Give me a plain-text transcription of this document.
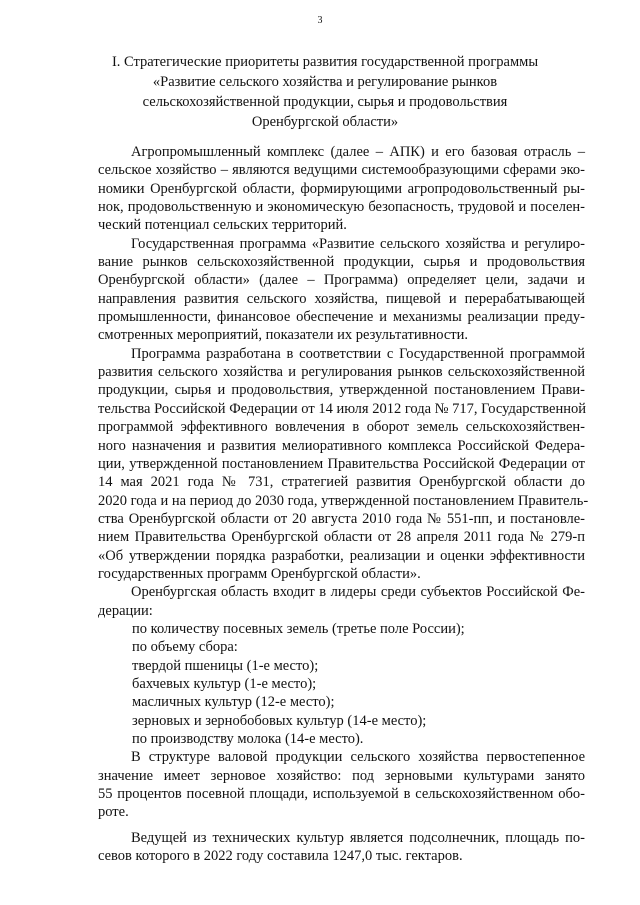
3
I. Стратегические приоритеты развития государственной программы
«Развитие сельского хозяйства и регулирование рынков
сельскохозяйственной продукции, сырья и продовольствия
Оренбургской области»
Агропромышленный комплекс (далее – АПК) и его базовая отрасль –
сельское хозяйство – являются ведущими системообразующими сферами эко-
номики Оренбургской области, формирующими агропродовольственный ры-
нок, продовольственную и экономическую безопасность, трудовой и поселен-
ческий потенциал сельских территорий.
Государственная программа «Развитие сельского хозяйства и регулиро-
вание рынков сельскохозяйственной продукции, сырья и продовольствия
Оренбургской области» (далее – Программа) определяет цели, задачи и
направления развития сельского хозяйства, пищевой и перерабатывающей
промышленности, финансовое обеспечение и механизмы реализации преду-
смотренных мероприятий, показатели их результативности.
Программа разработана в соответствии с Государственной программой
развития сельского хозяйства и регулирования рынков сельскохозяйственной
продукции, сырья и продовольствия, утвержденной постановлением Прави-
тельства Российской Федерации от 14 июля 2012 года № 717, Государственной
программой эффективного вовлечения в оборот земель сельскохозяйствен-
ного назначения и развития мелиоративного комплекса Российской Федера-
ции, утвержденной постановлением Правительства Российской Федерации от
14 мая 2021 года № 731, стратегией развития Оренбургской области до
2020 года и на период до 2030 года, утвержденной постановлением Правитель-
ства Оренбургской области от 20 августа 2010 года № 551-пп, и постановле-
нием Правительства Оренбургской области от 28 апреля 2011 года № 279-п
«Об утверждении порядка разработки, реализации и оценки эффективности
государственных программ Оренбургской области».
Оренбургская область входит в лидеры среди субъектов Российской Фе-
дерации:
по количеству посевных земель (третье поле России);
по объему сбора:
твердой пшеницы (1-е место);
бахчевых культур (1-е место);
масличных культур (12-е место);
зерновых и зернобобовых культур (14-е место);
по производству молока (14-е место).
В структуре валовой продукции сельского хозяйства первостепенное
значение имеет зерновое хозяйство: под зерновыми культурами занято
55 процентов посевной площади, используемой в сельскохозяйственном обо-
роте.
Ведущей из технических культур является подсолнечник, площадь по-
севов которого в 2022 году составила 1247,0 тыс. гектаров.
